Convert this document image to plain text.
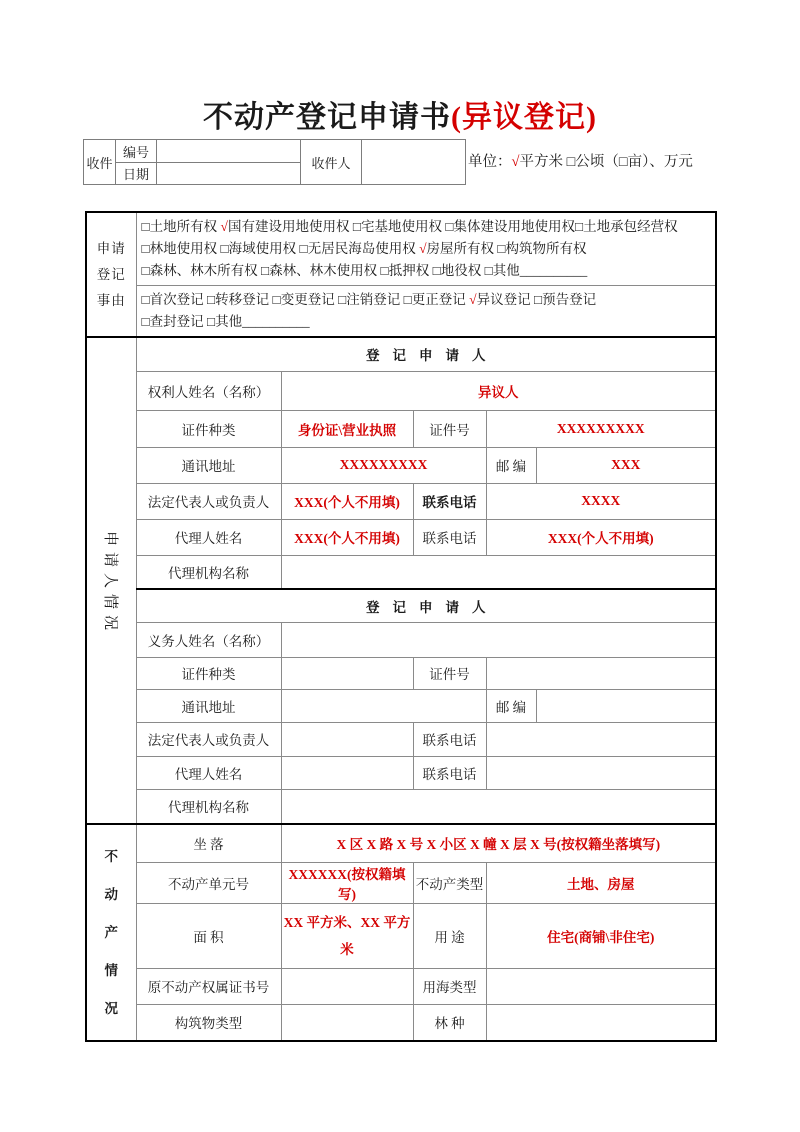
不动产登记申请书(异议登记)
收件	编号		收件人	
	日期			
单位：√平方米 □公顷（□亩）、万元
申请
登记
事由

□土地所有权 √国有建设用地使用权 □宅基地使用权 □集体建设用地使用权□土地承包经营权
□林地使用权 □海域使用权 □无居民海岛使用权 √房屋所有权 □构筑物所有权
□森林、林木所有权 □森林、林木使用权 □抵押权 □地役权 □其他__________

	□首次登记 □转移登记 □变更登记 □注销登记 □更正登记 √异议登记 □预告登记
□查封登记 □其他__________				

申
请
人
情
况	登记申请人				
	权利人姓名（名称）	异议人			
	证件种类	身份证\营业执照	证件号	XXXXXXXXX	
	通讯地址	XXXXXXXXX		邮 编	XXX
	法定代表人或负责人	XXX(个人不用填)	联系电话	XXXX	
	代理人姓名	XXX(个人不用填)	联系电话	XXX(个人不用填)	
	代理机构名称				
	登记申请人				
	义务人姓名（名称）				
	证件种类		证件号		
	通讯地址			邮 编	
	法定代表人或负责人		联系电话		
	代理人姓名		联系电话		
	代理机构名称				

不
动
产
情
况	坐 落	X 区 X 路 X 号 X 小区 X 幢 X 层 X 号(按权籍坐落填写)			
	不动产单元号	XXXXXX(按权籍填写)	不动产类型	土地、房屋	
	面 积	XX 平方米、XX 平方米	用 途	住宅(商铺\非住宅)	
	原不动产权属证书号		用海类型		
	构筑物类型		林 种		
